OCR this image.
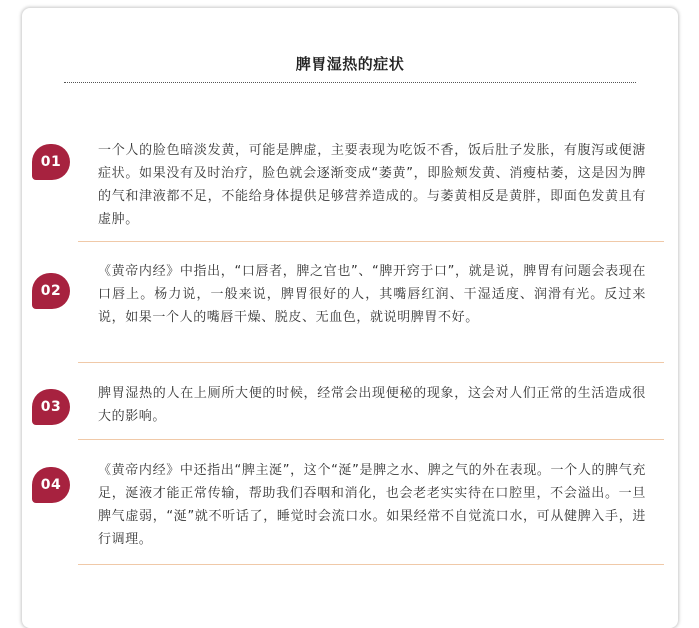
脾胃湿热的症状
01

一个人的脸色暗淡发黄，可能是脾虚，主要表现为吃饭不香，饭后肚子发胀，有腹泻或便溏症状。如果没有及时治疗，脸色就会逐渐变成“萎黄”，即脸颊发黄、消瘦枯萎，这是因为脾的气和津液都不足，不能给身体提供足够营养造成的。与萎黄相反是黄胖，即面色发黄且有虚肿。

02

《黄帝内经》中指出，“口唇者，脾之官也”、“脾开窍于口”，就是说，脾胃有问题会表现在口唇上。杨力说，一般来说，脾胃很好的人，其嘴唇红润、干湿适度、润滑有光。反过来说，如果一个人的嘴唇干燥、脱皮、无血色，就说明脾胃不好。

03

脾胃湿热的人在上厕所大便的时候，经常会出现便秘的现象，这会对人们正常的生活造成很大的影响。

04

《黄帝内经》中还指出“脾主涎”，这个“涎”是脾之水、脾之气的外在表现。一个人的脾气充足，涎液才能正常传输，帮助我们吞咽和消化，也会老老实实待在口腔里，不会溢出。一旦脾气虚弱，“涎”就不听话了，睡觉时会流口水。如果经常不自觉流口水，可从健脾入手，进行调理。
